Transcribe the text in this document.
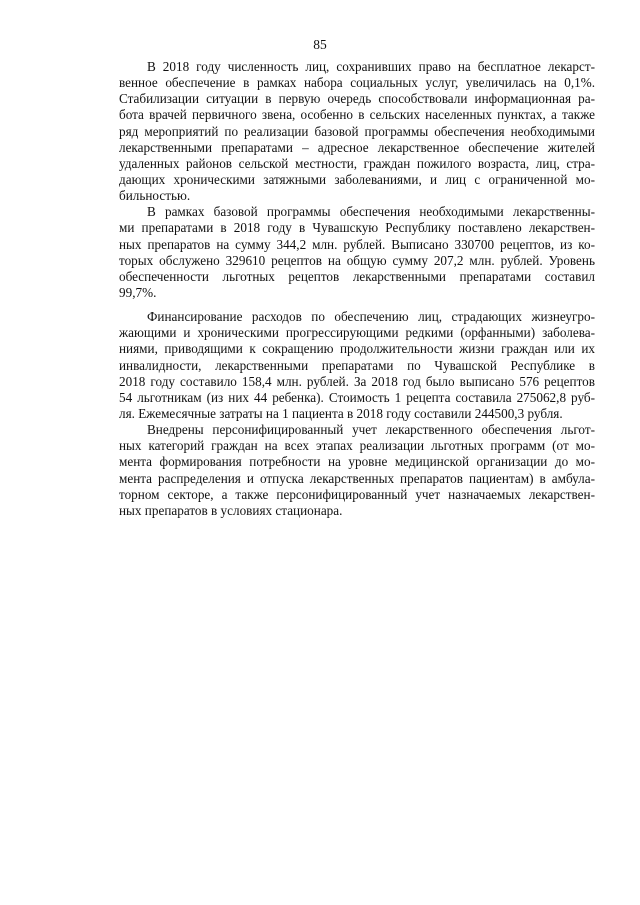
85
В 2018 году численность лиц, сохранивших право на бесплатное лекарст-
венное обеспечение в рамках набора социальных услуг, увеличилась на 0,1%.
Стабилизации ситуации в первую очередь способствовали информационная ра-
бота врачей первичного звена, особенно в сельских населенных пунктах, а также
ряд мероприятий по реализации базовой программы обеспечения необходимыми
лекарственными препаратами – адресное лекарственное обеспечение жителей
удаленных районов сельской местности, граждан пожилого возраста, лиц, стра-
дающих хроническими затяжными заболеваниями, и лиц с ограниченной мо-
бильностью.
В рамках базовой программы обеспечения необходимыми лекарственны-
ми препаратами в 2018 году в Чувашскую Республику поставлено лекарствен-
ных препаратов на сумму 344,2 млн. рублей. Выписано 330700 рецептов, из ко-
торых обслужено 329610 рецептов на общую сумму 207,2 млн. рублей. Уровень
обеспеченности льготных рецептов лекарственными препаратами составил
99,7%.
Финансирование расходов по обеспечению лиц, страдающих жизнеугро-
жающими и хроническими прогрессирующими редкими (орфанными) заболева-
ниями, приводящими к сокращению продолжительности жизни граждан или их
инвалидности, лекарственными препаратами по Чувашской Республике в
2018 году составило 158,4 млн. рублей. За 2018 год было выписано 576 рецептов
54 льготникам (из них 44 ребенка). Стоимость 1 рецепта составила 275062,8 руб-
ля. Ежемесячные затраты на 1 пациента в 2018 году составили 244500,3 рубля.
Внедрены персонифицированный учет лекарственного обеспечения льгот-
ных категорий граждан на всех этапах реализации льготных программ (от мо-
мента формирования потребности на уровне медицинской организации до мо-
мента распределения и отпуска лекарственных препаратов пациентам) в амбула-
торном секторе, а также персонифицированный учет назначаемых лекарствен-
ных препаратов в условиях стационара.
